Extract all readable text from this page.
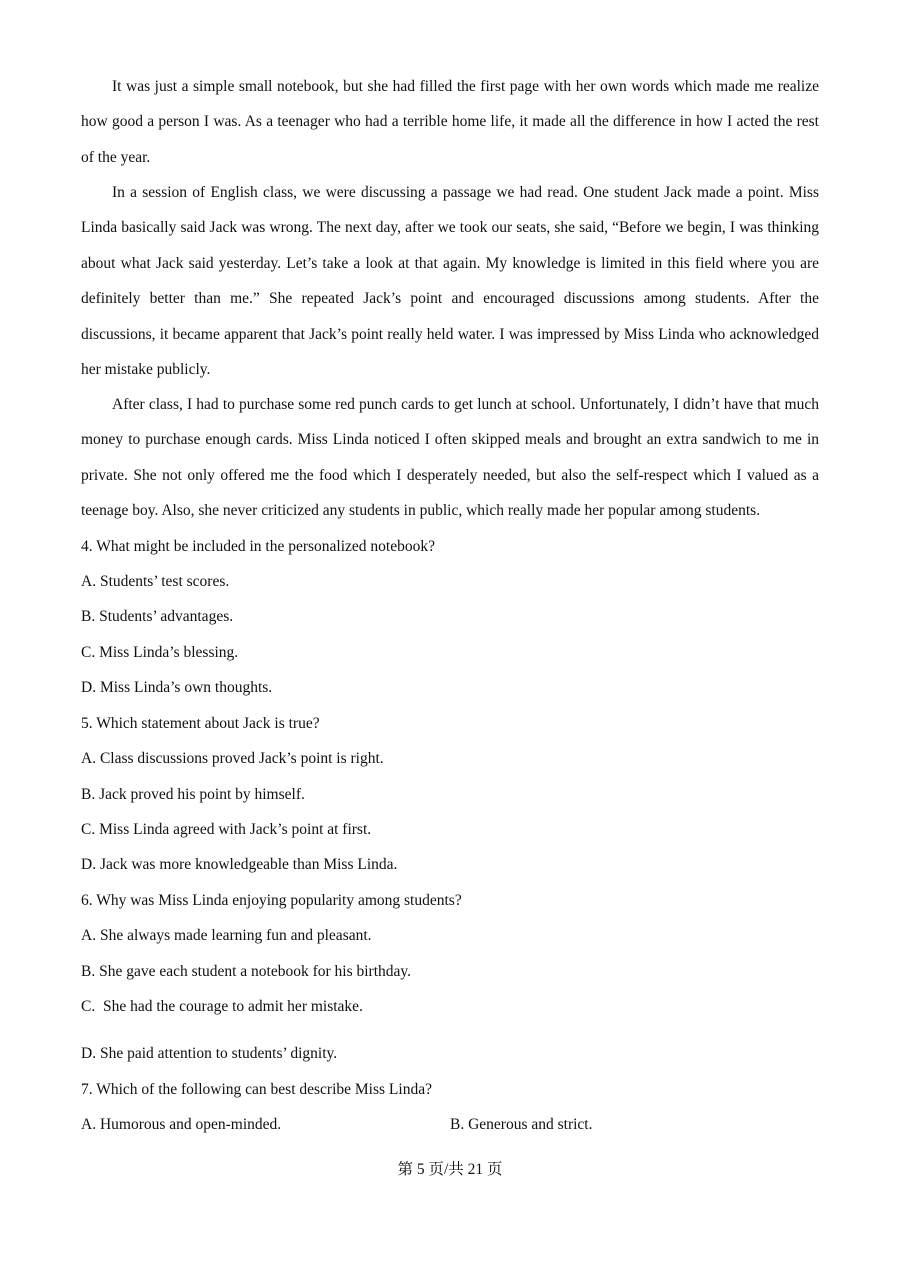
It was just a simple small notebook, but she had filled the first page with her own words which made me realize how good a person I was. As a teenager who had a terrible home life, it made all the difference in how I acted the rest of the year.

In a session of English class, we were discussing a passage we had read. One student Jack made a point. Miss Linda basically said Jack was wrong. The next day, after we took our seats, she said, “Before we begin, I was thinking about what Jack said yesterday. Let’s take a look at that again. My knowledge is limited in this field where you are definitely better than me.” She repeated Jack’s point and encouraged discussions among students. After the discussions, it became apparent that Jack’s point really held water. I was impressed by Miss Linda who acknowledged her mistake publicly.

After class, I had to purchase some red punch cards to get lunch at school. Unfortunately, I didn’t have that much money to purchase enough cards. Miss Linda noticed I often skipped meals and brought an extra sandwich to me in private. She not only offered me the food which I desperately needed, but also the self-respect which I valued as a teenage boy. Also, she never criticized any students in public, which really made her popular among students.

4. What might be included in the personalized notebook?
A. Students’ test scores.
B. Students’ advantages.
C. Miss Linda’s blessing.
D. Miss Linda’s own thoughts.
5. Which statement about Jack is true?
A. Class discussions proved Jack’s point is right.
B. Jack proved his point by himself.
C. Miss Linda agreed with Jack’s point at first.
D. Jack was more knowledgeable than Miss Linda.
6. Why was Miss Linda enjoying popularity among students?
A. She always made learning fun and pleasant.
B. She gave each student a notebook for his birthday.
C.  She had the courage to admit her mistake.
D. She paid attention to students’ dignity.
7. Which of the following can best describe Miss Linda?
A. Humorous and open-minded.	B. Generous and strict.
第 5 页/共 21 页
